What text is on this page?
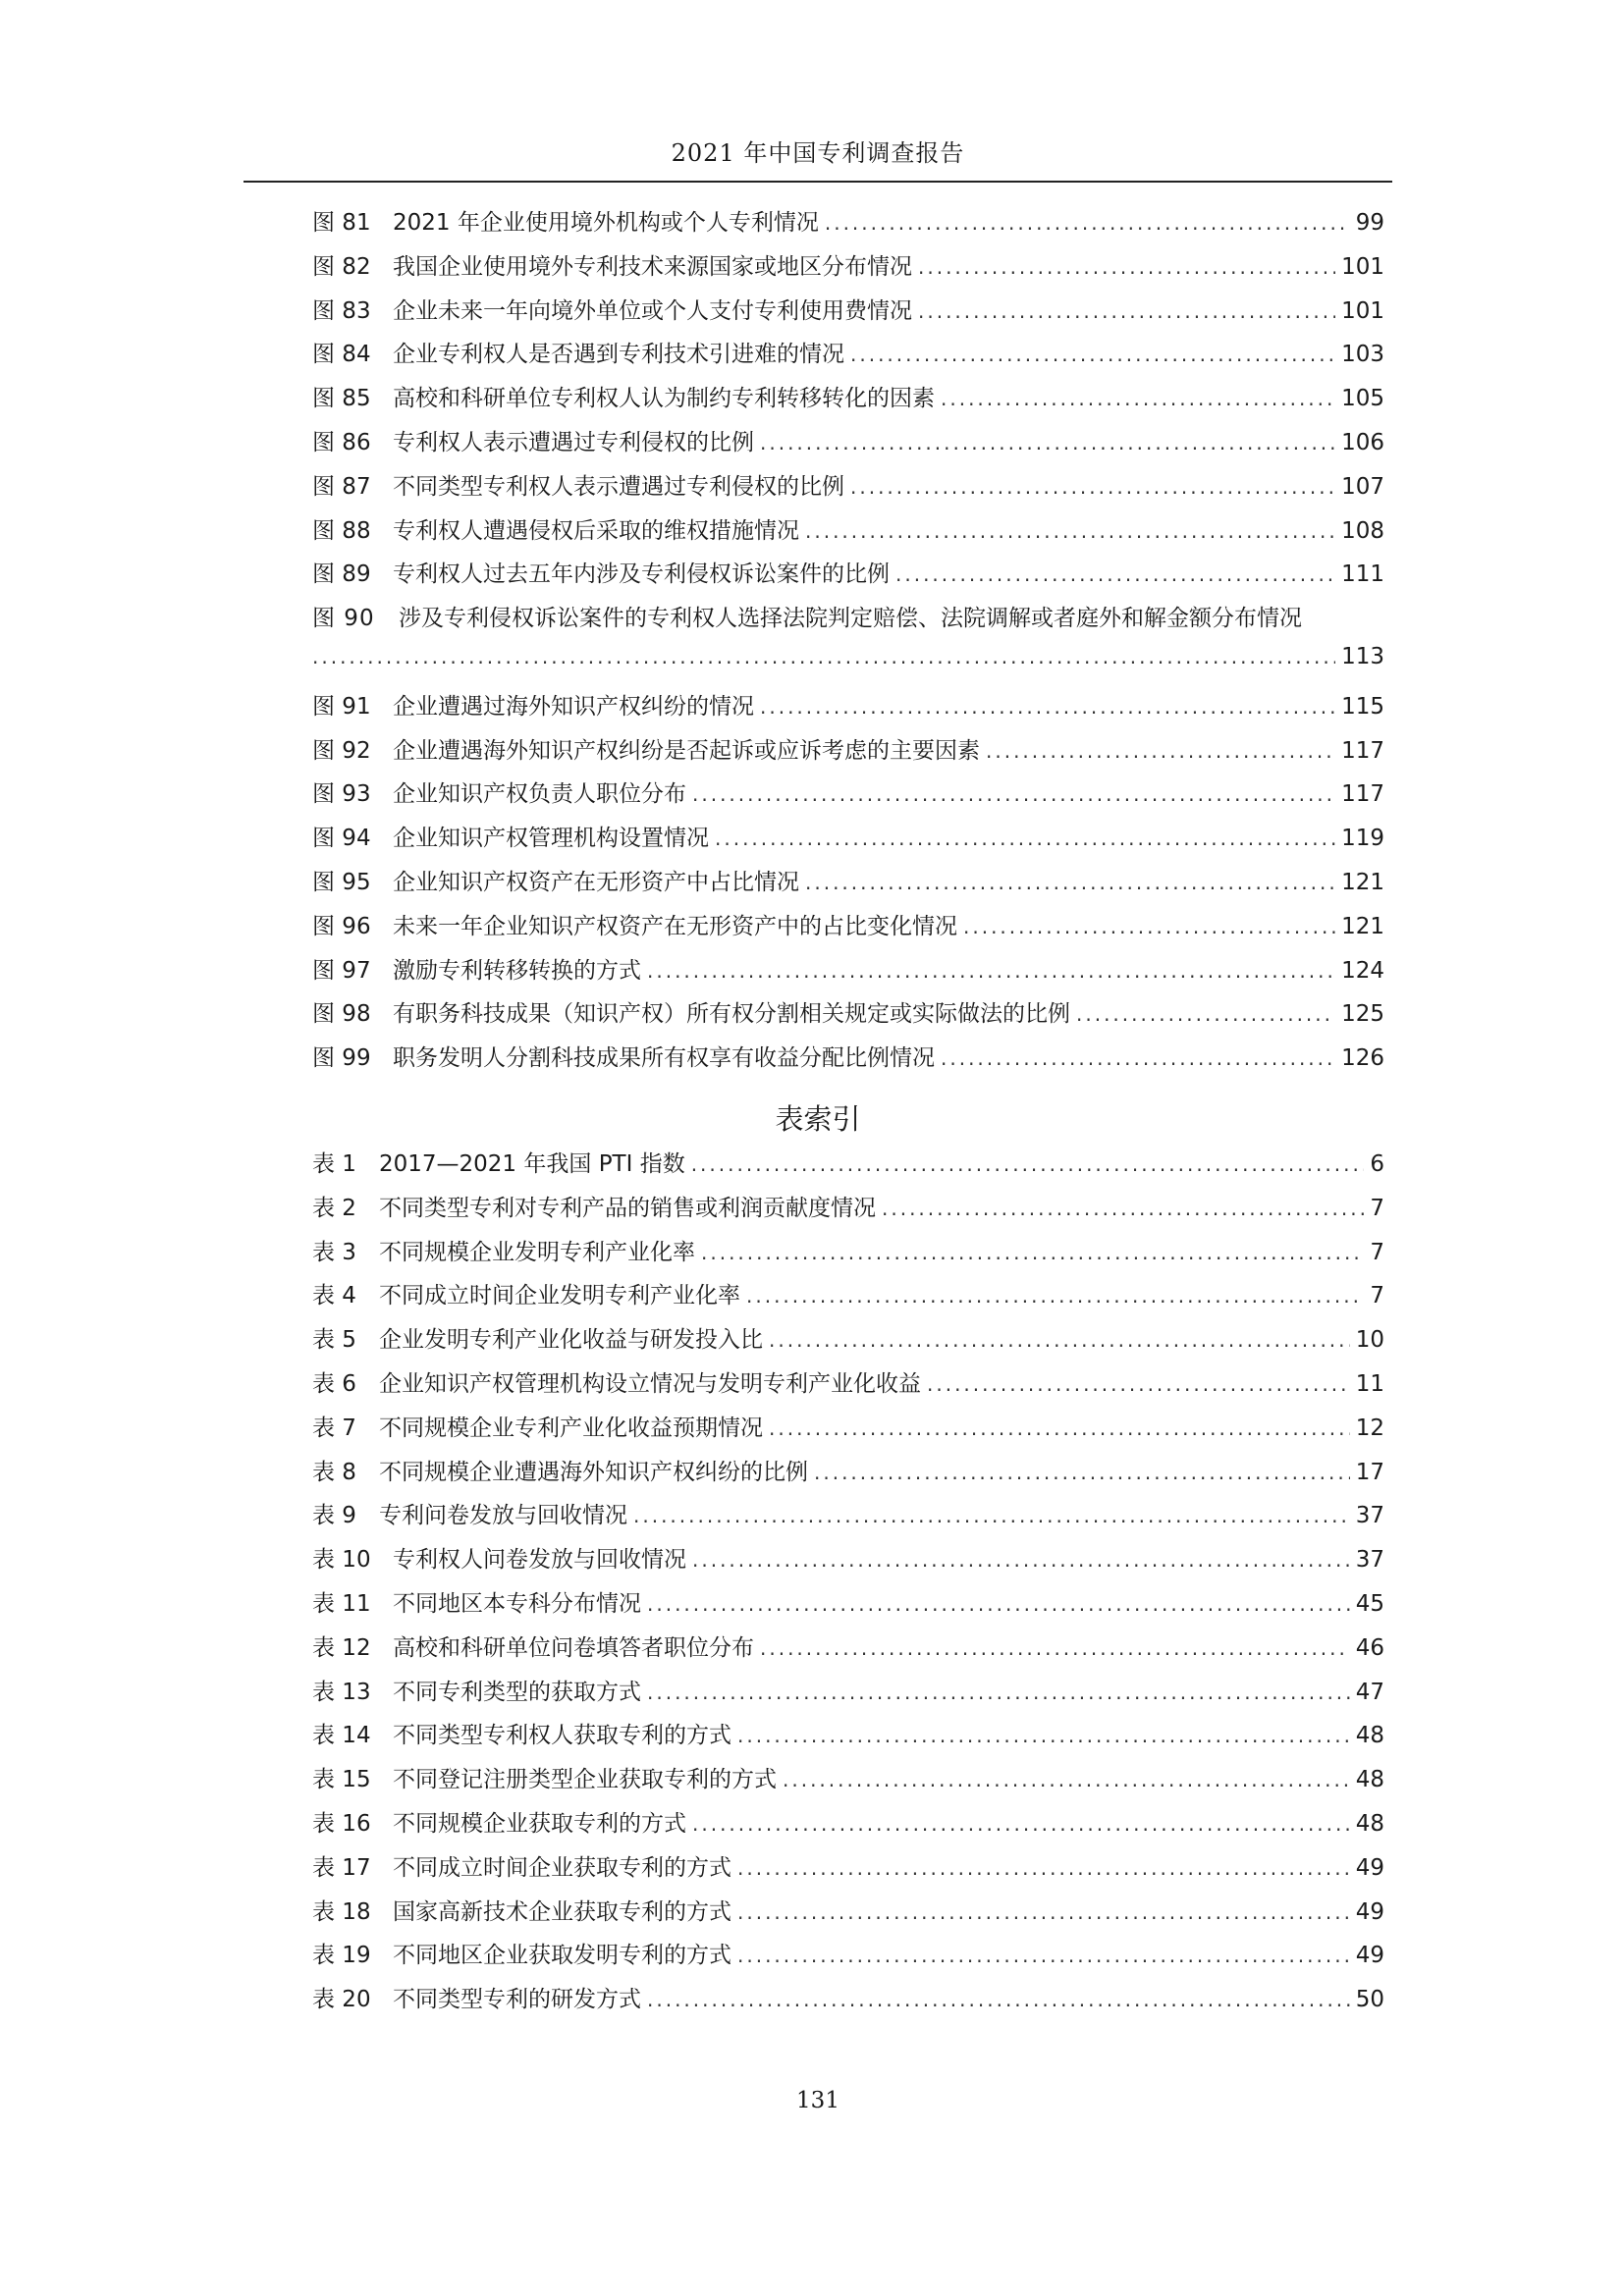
2021 年中国专利调查报告
图 81 2021 年企业使用境外机构或个人专利情况 .....	99
图 82 我国企业使用境外专利技术来源国家或地区分布情况 .....	101
图 83 企业未来一年向境外单位或个人支付专利使用费情况 .....	101
图 84 企业专利权人是否遇到专利技术引进难的情况 .....	103
图 85 高校和科研单位专利权人认为制约专利转移转化的因素 .....	105
图 86 专利权人表示遭遇过专利侵权的比例 .....	106
图 87 不同类型专利权人表示遭遇过专利侵权的比例 .....	107
图 88 专利权人遭遇侵权后采取的维权措施情况 .....	108
图 89 专利权人过去五年内涉及专利侵权诉讼案件的比例 .....	111
图 90	涉及专利侵权诉讼案件的专利权人选择法院判定赔偿、法院调解或者庭外和解金额分布情况
.....
113
图 91 企业遭遇过海外知识产权纠纷的情况 .....	115
图 92 企业遭遇海外知识产权纠纷是否起诉或应诉考虑的主要因素 .....	117
图 93 企业知识产权负责人职位分布 .....	117
图 94 企业知识产权管理机构设置情况 .....	119
图 95 企业知识产权资产在无形资产中占比情况 .....	121
图 96 未来一年企业知识产权资产在无形资产中的占比变化情况 .....	121
图 97 激励专利转移转换的方式 .....	124
图 98 有职务科技成果（知识产权）所有权分割相关规定或实际做法的比例 .....	125
图 99 职务发明人分割科技成果所有权享有收益分配比例情况 .....	126
表索引
表 1	2017—2021 年我国 PTI 指数 .....	6
表 2	不同类型专利对专利产品的销售或利润贡献度情况 .....	7
表 3	不同规模企业发明专利产业化率 .....	7
表 4	不同成立时间企业发明专利产业化率 .....	7
表 5	企业发明专利产业化收益与研发投入比 .....	10
表 6	企业知识产权管理机构设立情况与发明专利产业化收益 .....	11
表 7	不同规模企业专利产业化收益预期情况 .....	12
表 8	不同规模企业遭遇海外知识产权纠纷的比例 .....	17
表 9	专利问卷发放与回收情况 .....	37
表 10 专利权人问卷发放与回收情况 .....	37
表 11 不同地区本专科分布情况 .....	45
表 12 高校和科研单位问卷填答者职位分布 .....	46
表 13 不同专利类型的获取方式 .....	47
表 14 不同类型专利权人获取专利的方式 .....	48
表 15 不同登记注册类型企业获取专利的方式 .....	48
表 16 不同规模企业获取专利的方式 .....	48
表 17 不同成立时间企业获取专利的方式 .....	49
表 18 国家高新技术企业获取专利的方式 .....	49
表 19 不同地区企业获取发明专利的方式 .....	49
表 20 不同类型专利的研发方式 .....	50
131
